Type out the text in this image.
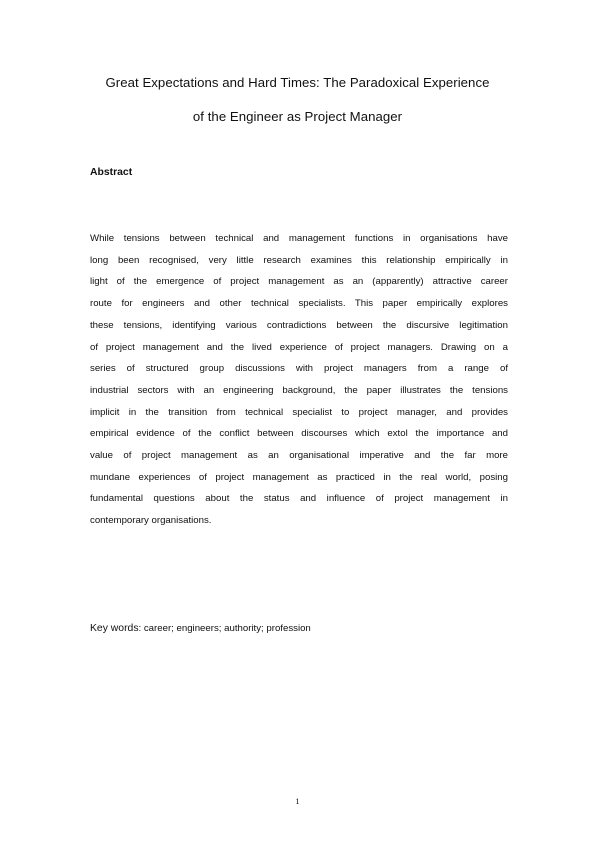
Great Expectations and Hard Times: The Paradoxical Experience
of the Engineer as Project Manager
Abstract
While tensions between technical and management functions in organisations have
long been recognised, very little research examines this relationship empirically in
light of the emergence of project management as an (apparently) attractive career
route for engineers and other technical specialists. This paper empirically explores
these tensions, identifying various contradictions between the discursive legitimation
of project management and the lived experience of project managers. Drawing on a
series of structured group discussions with project managers from a range of
industrial sectors with an engineering background, the paper illustrates the tensions
implicit in the transition from technical specialist to project manager, and provides
empirical evidence of the conflict between discourses which extol the importance and
value of project management as an organisational imperative and the far more
mundane experiences of project management as practiced in the real world, posing
fundamental questions about the status and influence of project management in
contemporary organisations.
Key words: career; engineers; authority; profession
1
